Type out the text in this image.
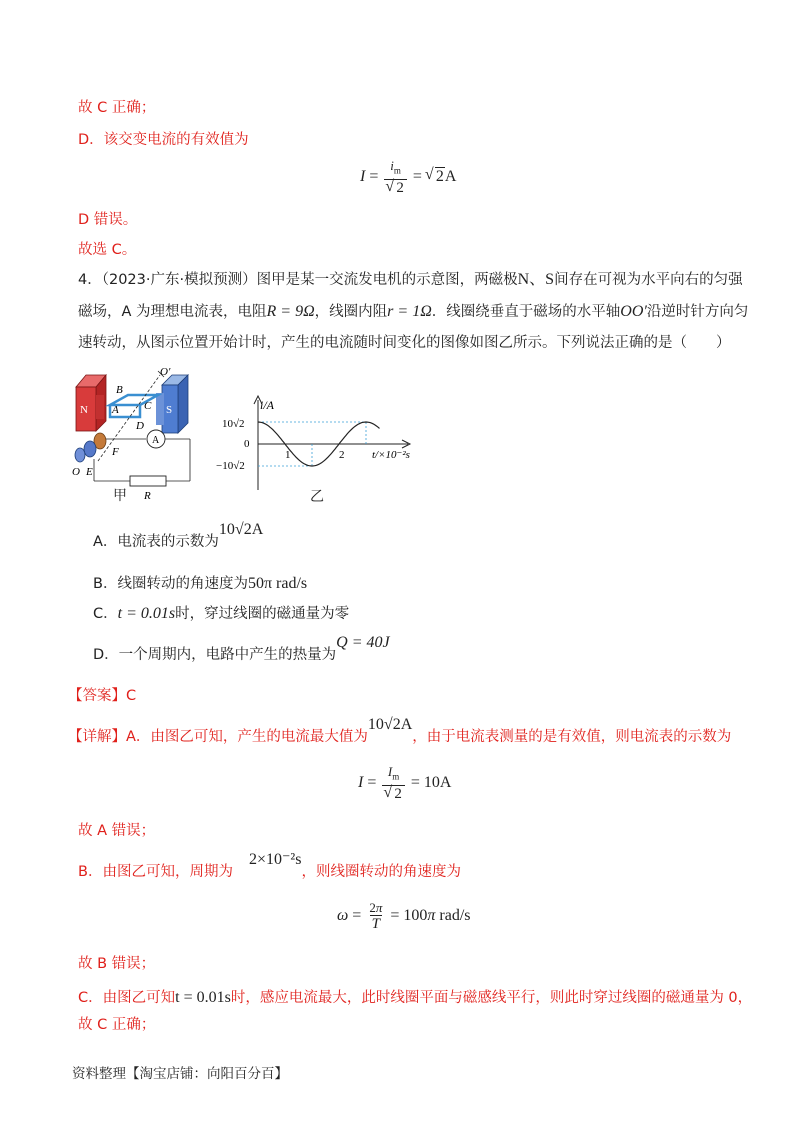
故 C 正确；
D．该交变电流的有效值为
$I = i_m$
√ 2 = √ 2A
D 错误。
故选 C。
4．（2023·广东·模拟预测）图甲是某一交流发电机的示意图，两磁极N、S间存在可视为水平向右的匀强
磁场，A 为理想电流表，电阻R = 9Ω，线圈内阻r = 1Ω．线圈绕垂直于磁场的水平轴OO′沿逆时针方向匀
速转动，从图示位置开始计时，产生的电流随时间变化的图像如图乙所示。下列说法正确的是（　　）
N	S
A
B
O′
A C
D
F
O E
R
甲
i/A
10√2
0
−10√2
1	2	t/×10⁻²s
乙
A．电流表的示数为10√2A
B．线圈转动的角速度为50π rad/s
C．t = 0.01s时，穿过线圈的磁通量为零
D．一个周期内，电路中产生的热量为Q = 40J
【答案】C
【详解】A．由图乙可知，产生的电流最大值为10√2A，由于电流表测量的是有效值，则电流表的示数为
$I = I_m$
√ 2 = 10A
故 A 错误；
B．由图乙可知，周期为2×10⁻²s，则线圈转动的角速度为
$\omega = \frac{2\pi}{T} = 100\pi$ rad/s
故 B 错误；
C．由图乙可知t = 0.01s时，感应电流最大，此时线圈平面与磁感线平行，则此时穿过线圈的磁通量为 0，
故 C 正确；
资料整理【淘宝店铺：向阳百分百】
